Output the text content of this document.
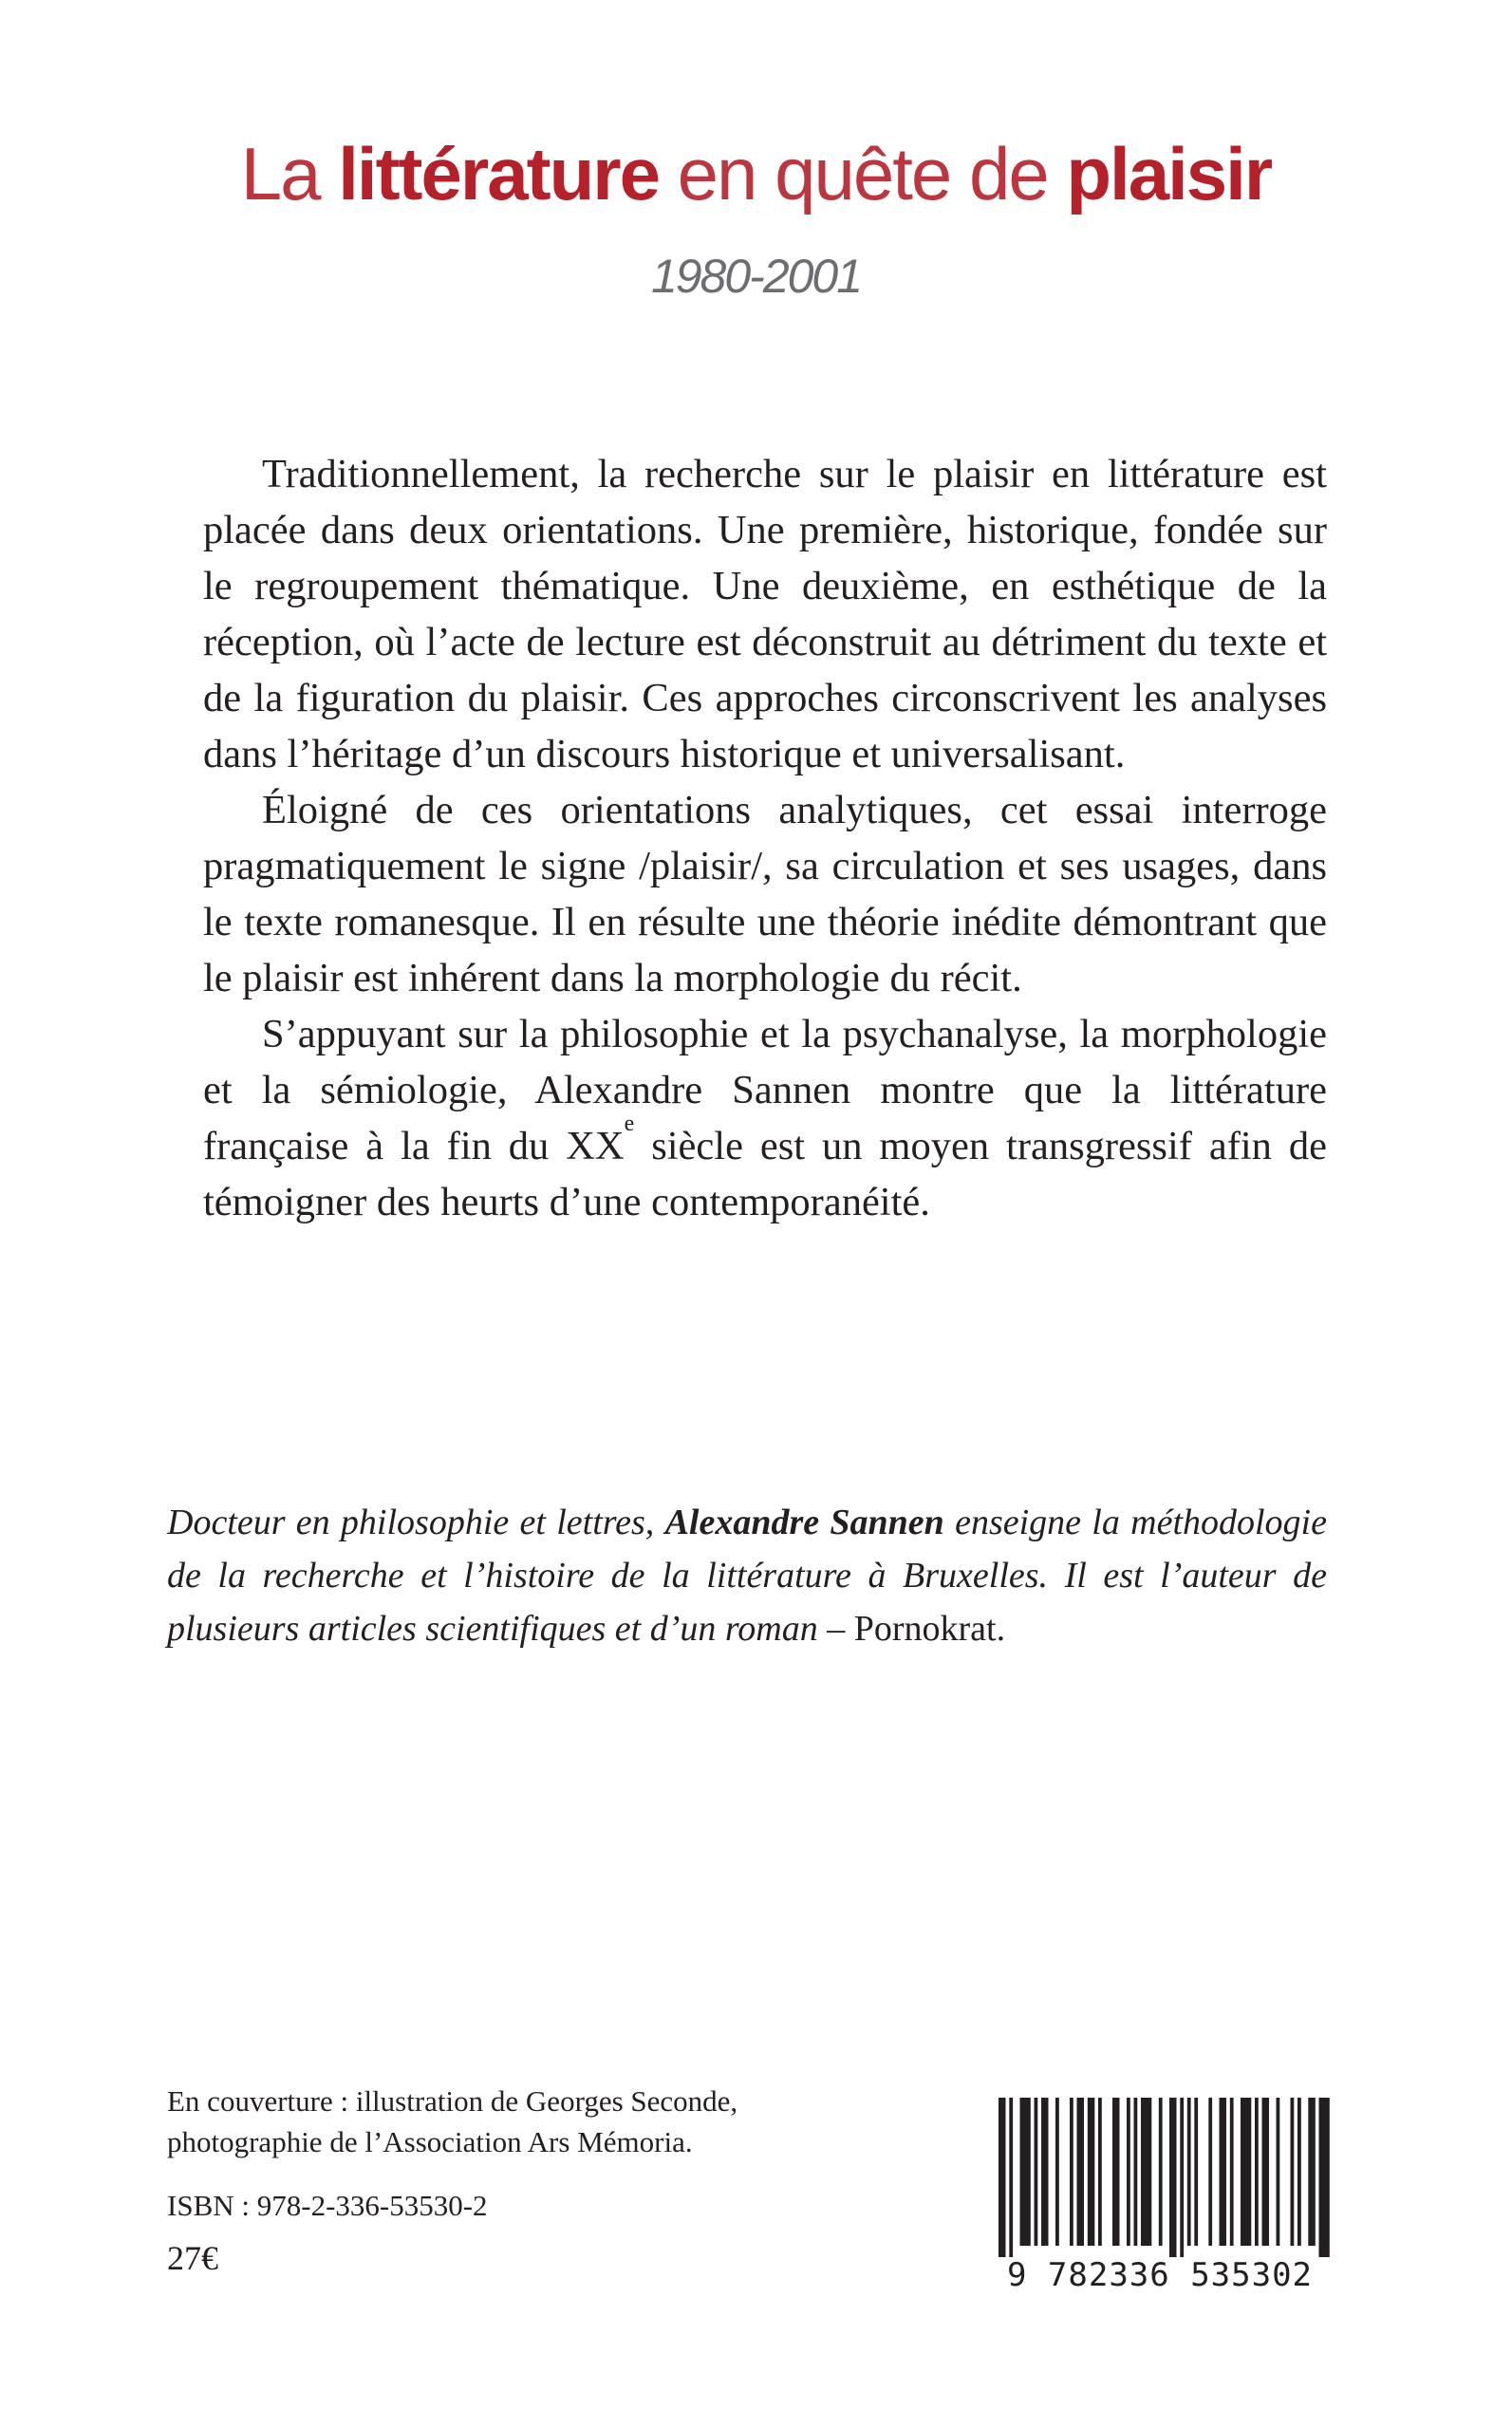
La littérature en quête de plaisir
1980-2001

Traditionnellement, la recherche sur le plaisir en littérature est placée dans deux orientations. Une première, historique, fondée sur le regroupement thématique. Une deuxième, en esthétique de la réception, où l’acte de lecture est déconstruit au détriment du texte et de la figuration du plaisir. Ces approches circonscrivent les analyses dans l’héritage d’un discours historique et universalisant.

Éloigné de ces orientations analytiques, cet essai interroge pragmatiquement le signe /plaisir/, sa circulation et ses usages, dans le texte romanesque. Il en résulte une théorie inédite démontrant que le plaisir est inhérent dans la morphologie du récit.

S’appuyant sur la philosophie et la psychanalyse, la morphologie et la sémiologie, Alexandre Sannen montre que la littérature française à la fin du XXe siècle est un moyen transgressif afin de témoigner des heurts d’une contemporanéité.

Docteur en philosophie et lettres, Alexandre Sannen enseigne la méthodologie de la recherche et l’histoire de la littérature à Bruxelles. Il est l’auteur de plusieurs articles scientifiques et d’un roman – Pornokrat.
En couverture : illustration de Georges Seconde,
photographie de l’Association Ars Mémoria.
ISBN : 978-2-336-53530-2
27€	9 782336 535302
